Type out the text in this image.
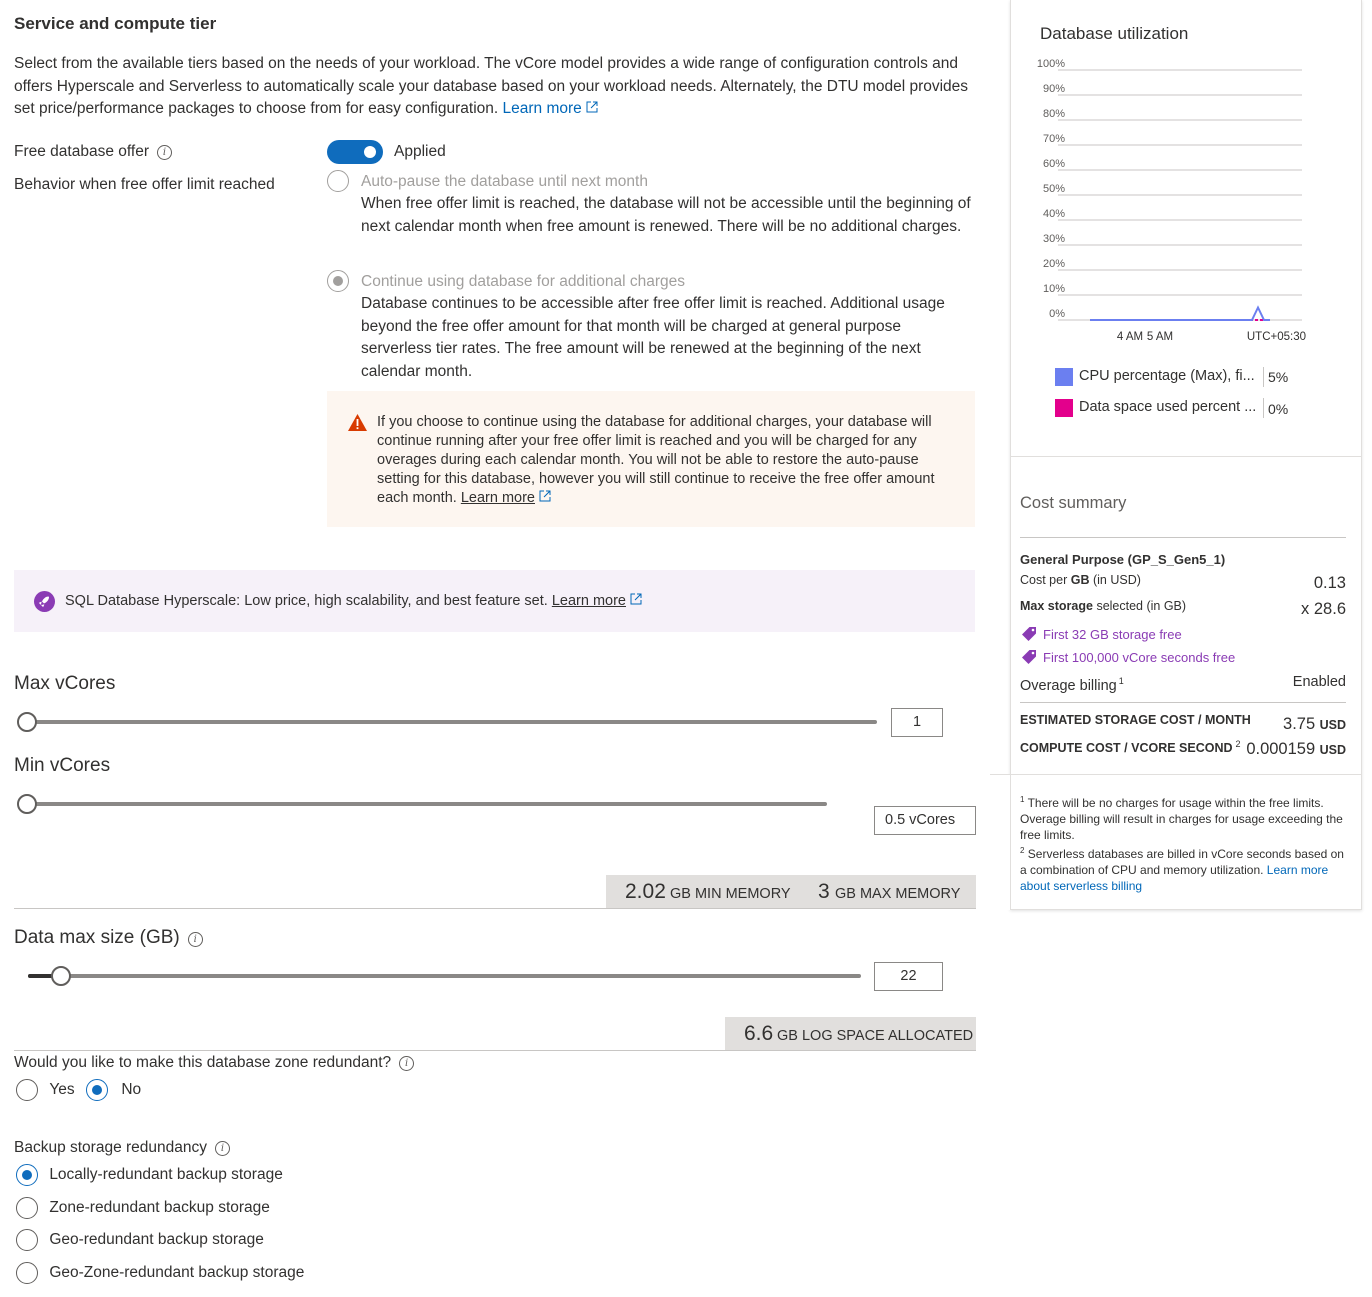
Service and compute tier
Select from the available tiers based on the needs of your workload. The vCore model provides a wide range of configuration controls and offers Hyperscale and Serverless to automatically scale your database based on your workload needs. Alternately, the DTU model provides set price/performance packages to choose from for easy configuration. Learn more
Free database offer i	Applied
Behavior when free offer limit reached	Auto-pause the database until next month
When free offer limit is reached, the database will not be accessible until the beginning of next calendar month when free amount is renewed. There will be no additional charges.
Continue using database for additional charges
Database continues to be accessible after free offer limit is reached. Additional usage beyond the free offer amount for that month will be charged at general purpose serverless tier rates. The free amount will be renewed at the beginning of the next calendar month.
If you choose to continue using the database for additional charges, your database will continue running after your free offer limit is reached and you will be charged for any overages during each calendar month. You will not be able to restore the auto-pause setting for this database, however you will still continue to receive the free offer amount each month. Learn more
SQL Database Hyperscale: Low price, high scalability, and best feature set. Learn more
Max vCores
1
Min vCores
0.5 vCores
2.02 GB MIN MEMORY 3 GB MAX MEMORY
Data max size (GB) i
22
6.6 GB LOG SPACE ALLOCATED
Would you like to make this database zone redundant? i
Yes	No
Backup storage redundancy i
Locally-redundant backup storage
Zone-redundant backup storage
Geo-redundant backup storage
Geo-Zone-redundant backup storage
Database utilization
100%
90%
80%
70%
60%
50%
40%
30%
20%
10%
0%
4 AM 5 AM	UTC+05:30
CPU percentage (Max), fi... 5%
Data space used percent ... 0%
Cost summary
General Purpose (GP_S_Gen5_1)
Cost per GB (in USD)	0.13
Max storage selected (in GB)	x 28.6
First 32 GB storage free
First 100,000 vCore seconds free
Overage billing $^1$	Enabled
ESTIMATED STORAGE COST / MONTH 3.75 USD
COMPUTE COST / VCORE SECOND $^2$ 0.000159 USD
$^1$ There will be no charges for usage within the free limits. Overage billing will result in charges for usage exceeding the free limits.
$^2$ Serverless databases are billed in vCore seconds based on a combination of CPU and memory utilization. Learn more about serverless billing
